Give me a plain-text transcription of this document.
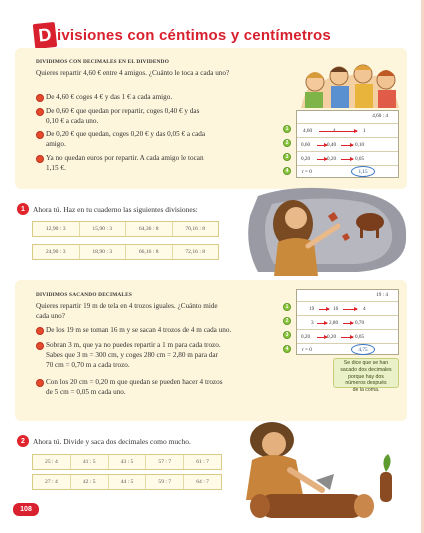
D ivisiones con céntimos y centímetros
DIVIDIMOS CON DECIMALES EN EL DIVIDENDO
Quieres repartir 4,60 € entre 4 amigos. ¿Cuánto le toca a cada uno?
De 4,60 € coges 4 € y das 1 € a cada amigo.
De 0,60 € que quedan por repartir, coges 0,40 € y das
0,10 € a cada uno.
De 0,20 € que quedan, coges 0,20 € y das 0,05 € a cada
amigo.
Ya no quedan euros por repartir. A cada amigo le tocan
1,15 €.
1
2
3
4
4,60 : 4
4,60	4	1
0,60	0,40	0,10
0,20	0,20	0,05
r = 0	1,15
1	Ahora tú. Haz en tu cuaderno las siguientes divisiones:
12,90 : 3	15,90 : 3	64,36 : 8	70,16 : 8
24,90 : 3	18,90 : 3	66,16 : 8	72,16 : 8
DIVIDIMOS SACANDO DECIMALES
Quieres repartir 19 m de tela en 4 trozos iguales. ¿Cuánto mide
cada uno?
De los 19 m se toman 16 m y se sacan 4 trozos de 4 m cada uno.
Sobran 3 m, que ya no puedes repartir a 1 m para cada trozo.
Sabes que 3 m = 300 cm, y coges 280 cm = 2,80 m para dar
70 cm = 0,70 m a cada trozo.
Con los 20 cm = 0,20 m que quedan se pueden hacer 4 trozos
de 5 cm = 0,05 m cada uno.
1
2
3
4
19 : 4
19	16	4
3	2,80	0,70
0,20	0,20	0,05
r = 0	4,75
Se dice que se han
sacado dos decimales
porque hay dos
números después
de la coma.
2	Ahora tú. Divide y saca dos decimales como mucho.
25 : 4	41 : 5	43 : 5	57 : 7	61 : 7
27 : 4	42 : 5	44 : 5	59 : 7	64 : 7
108
